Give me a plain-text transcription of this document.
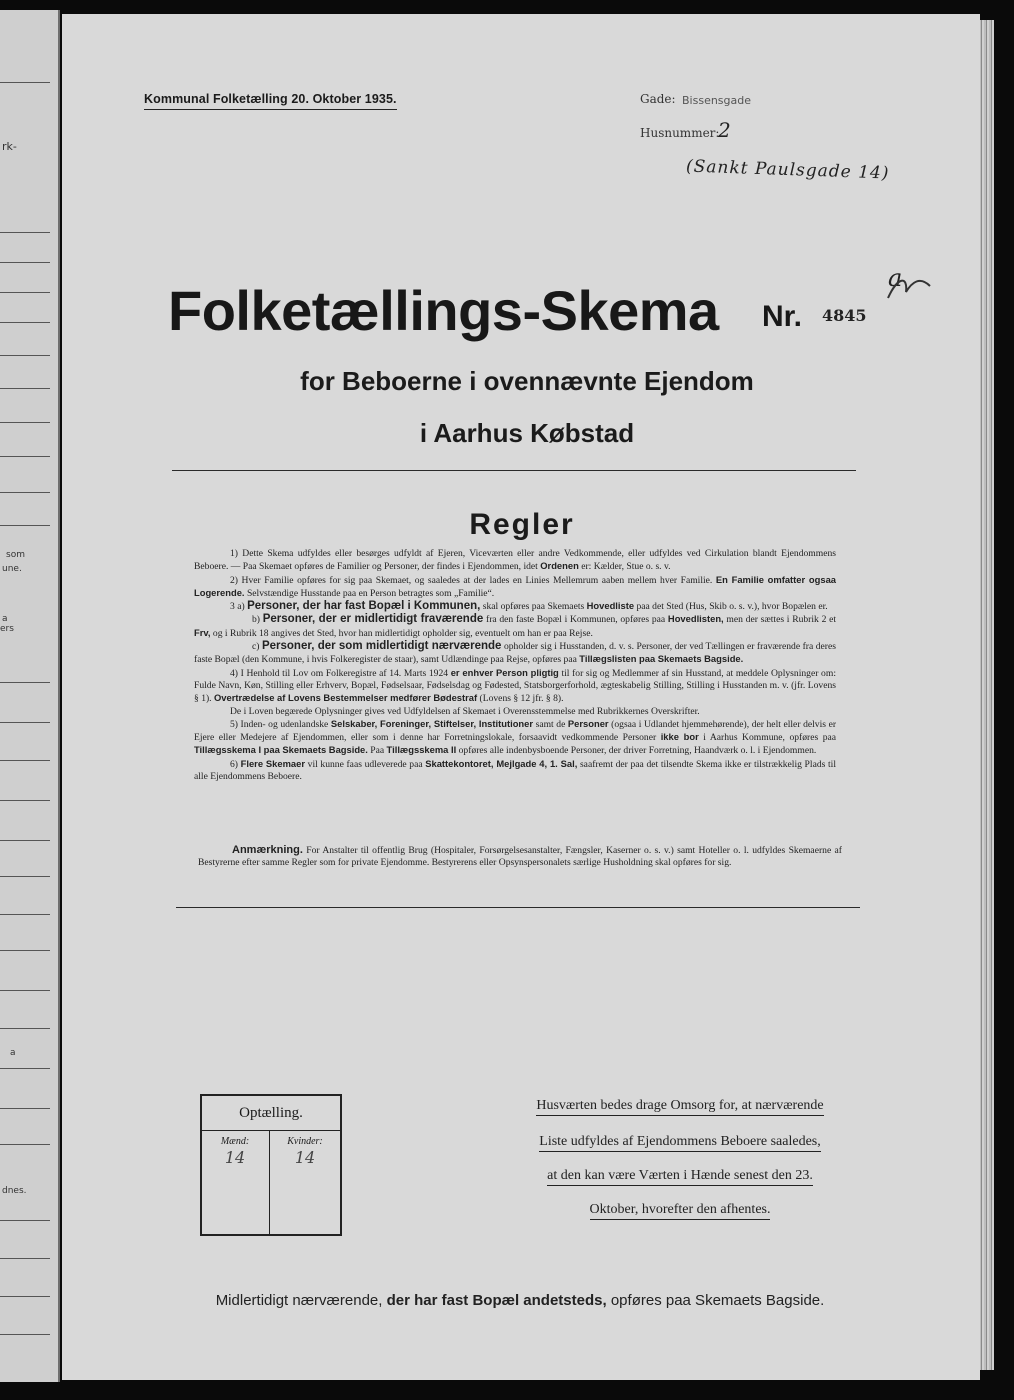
rk-
som
une.
a
ers
a
dnes.
Kommunal Folketælling 20. Oktober 1935.	Gade: Bissensgade
Husnummer:
2
(Sankt Paulsgade 14)
Folketællings-Skema Nr. 4845
a
for Beboerne i ovennævnte Ejendom
i Aarhus Købstad
Regler

1) Dette Skema udfyldes eller besørges udfyldt af Ejeren, Viceværten eller andre Vedkommende, eller udfyldes ved Cirkulation blandt Ejendommens Beboere. — Paa Skemaet opføres de Familier og Personer, der findes i Ejendommen, idet Ordenen er: Kælder, Stue o. s. v.

2) Hver Familie opføres for sig paa Skemaet, og saaledes at der lades en Linies Mellemrum aaben mellem hver Familie. En Familie omfatter ogsaa Logerende. Selvstændige Husstande paa en Person betragtes som „Familie“.

3 a) Personer, der har fast Bopæl i Kommunen, skal opføres paa Skemaets Hovedliste paa det Sted (Hus, Skib o. s. v.), hvor Bopælen er.

b) Personer, der er midlertidigt fraværende fra den faste Bopæl i Kommunen, opføres paa Hovedlisten, men der sættes i Rubrik 2 et Frv, og i Rubrik 18 angives det Sted, hvor han midlertidigt opholder sig, eventuelt om han er paa Rejse.

c) Personer, der som midlertidigt nærværende opholder sig i Husstanden, d. v. s. Personer, der ved Tællingen er fraværende fra deres faste Bopæl (den Kommune, i hvis Folkeregister de staar), samt Udlændinge paa Rejse, opføres paa Tillægslisten paa Skemaets Bagside.

4) I Henhold til Lov om Folkeregistre af 14. Marts 1924 er enhver Person pligtig til for sig og Medlemmer af sin Husstand, at meddele Oplysninger om: Fulde Navn, Køn, Stilling eller Erhverv, Bopæl, Fødselsaar, Fødselsdag og Fødested, Statsborgerforhold, ægteskabelig Stilling, Stilling i Husstanden m. v. (jfr. Lovens § 1). Overtrædelse af Lovens Bestemmelser medfører Bødestraf (Lovens § 12 jfr. § 8).

De i Loven begærede Oplysninger gives ved Udfyldelsen af Skemaet i Overensstemmelse med Rubrikkernes Overskrifter.

5) Inden- og udenlandske Selskaber, Foreninger, Stiftelser, Institutioner samt de Personer (ogsaa i Udlandet hjemmehørende), der helt eller delvis er Ejere eller Medejere af Ejendommen, eller som i denne har Forretningslokale, forsaavidt vedkommende Personer ikke bor i Aarhus Kommune, opføres paa Tillægsskema I paa Skemaets Bagside. Paa Tillægsskema II opføres alle indenbysboende Personer, der driver Forretning, Haandværk o. l. i Ejendommen.

6) Flere Skemaer vil kunne faas udleverede paa Skattekontoret, Mejlgade 4, 1. Sal, saafremt der paa det tilsendte Skema ikke er tilstrækkelig Plads til alle Ejendommens Beboere.

Anmærkning. For Anstalter til offentlig Brug (Hospitaler, Forsørgelsesanstalter, Fængsler, Kaserner o. s. v.) samt Hoteller o. l. udfyldes Skemaerne af Bestyrerne efter samme Regler som for private Ejendomme. Bestyrerens eller Opsynspersonalets særlige Husholdning skal opføres for sig.
Optælling.
Mænd:	Kvinder:
14	14
Husværten bedes drage Omsorg for, at nærværende
Liste udfyldes af Ejendommens Beboere saaledes,
at den kan være Værten i Hænde senest den 23.
Oktober, hvorefter den afhentes.
Midlertidigt nærværende, der har fast Bopæl andetsteds, opføres paa Skemaets Bagside.
